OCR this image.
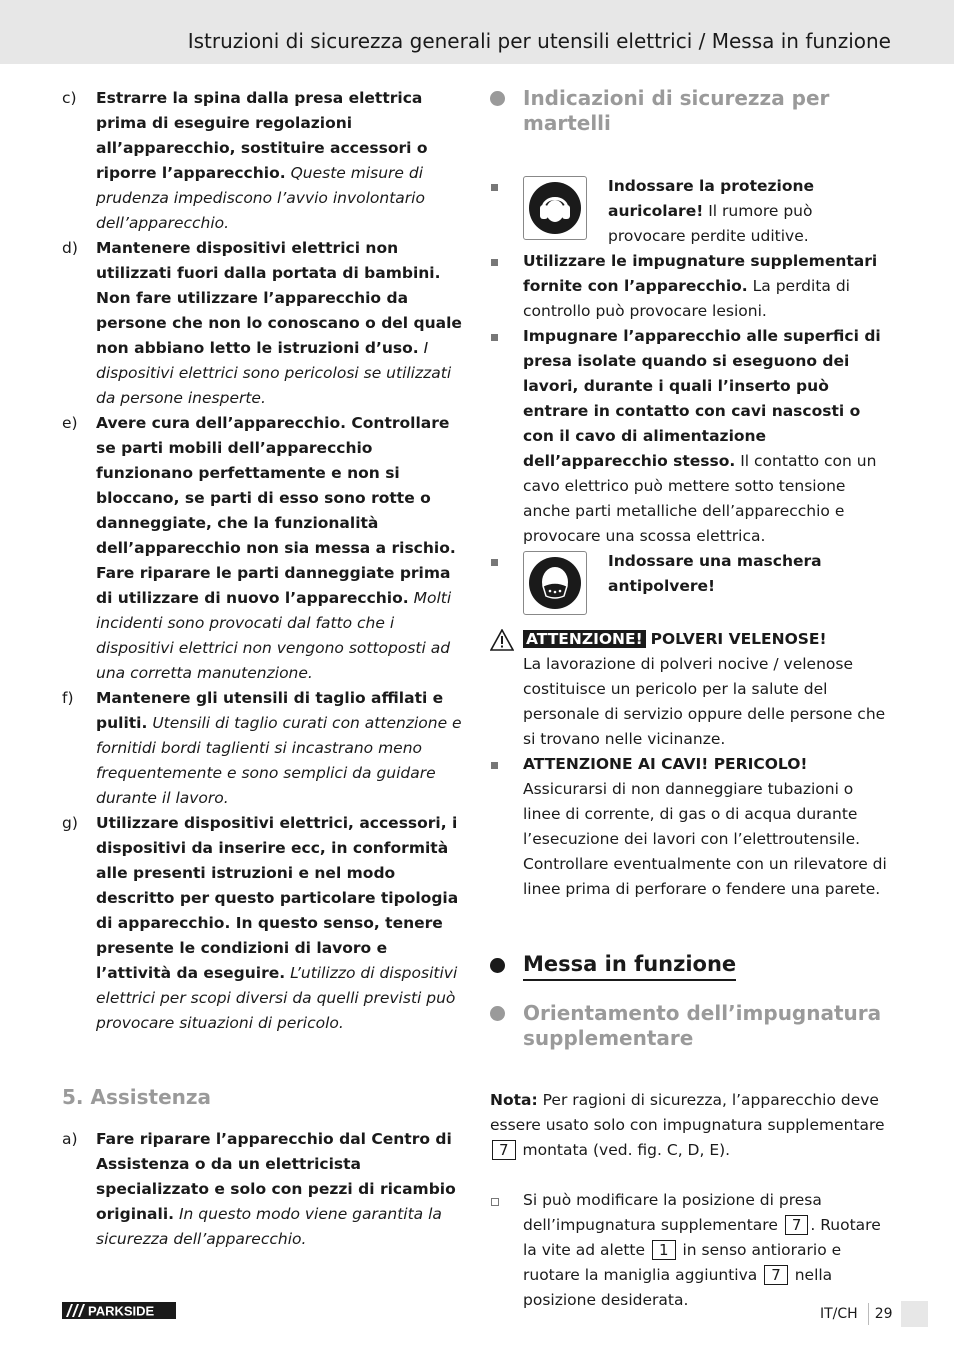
Istruzioni di sicurezza generali per utensili elettrici / Messa in funzione
c)	Estrarre la spina dalla presa elettrica prima di eseguire regolazioni all’apparecchio, sostituire accessori o riporre l’apparecchio. Queste misure di prudenza impediscono l’avvio involontario dell’apparecchio.
d)	Mantenere dispositivi elettrici non utilizzati fuori dalla portata di bambini. Non fare utilizzare l’apparecchio da persone che non lo conoscano o del quale non abbiano letto le istruzioni d’uso. I dispositivi elettrici sono pericolosi se utilizzati da persone inesperte.
e)	Avere cura dell’apparecchio. Controllare se parti mobili dell’apparecchio funzionano perfettamente e non si bloccano, se parti di esso sono rotte o danneggiate, che la funzionalità dell’apparecchio non sia messa a rischio. Fare riparare le parti danneggiate prima di utilizzare di nuovo l’apparecchio. Molti incidenti sono provocati dal fatto che i dispositivi elettrici non vengono sottoposti ad una corretta manutenzione.
f)	Mantenere gli utensili di taglio affilati e puliti. Utensili di taglio curati con attenzione e fornitidi bordi taglienti si incastrano meno frequentemente e sono semplici da guidare durante il lavoro.
g)	Utilizzare dispositivi elettrici, accessori, i dispositivi da inserire ecc, in conformità alle presenti istruzioni e nel modo descritto per questo particolare tipologia di apparecchio. In questo senso, tenere presente le condizioni di lavoro e l’attività da eseguire. L’utilizzo di dispositivi elettrici per scopi diversi da quelli previsti può provocare situazioni di pericolo.
5. Assistenza
a)	Fare riparare l’apparecchio dal Centro di Assistenza o da un elettricista specializzato e solo con pezzi di ricambio originali. In questo modo viene garantita la sicurezza dell’apparecchio.
Indicazioni di sicurezza per martelli
Indossare la protezione auricolare! Il rumore può provocare perdite uditive.
Utilizzare le impugnature supplementari fornite con l’apparecchio. La perdita di controllo può provocare lesioni.
Impugnare l’apparecchio alle superfici di presa isolate quando si eseguono dei lavori, durante i quali l’inserto può entrare in contatto con cavi nascosti o con il cavo di alimentazione dell’apparecchio stesso. Il contatto con un cavo elettrico può mettere sotto tensione anche parti metalliche dell’apparecchio e provocare una scossa elettrica.
Indossare una maschera antipolvere!
ATTENZIONE! POLVERI VELENOSE!
La lavorazione di polveri nocive / velenose costituisce un pericolo per la salute del personale di servizio oppure delle persone che si trovano nelle vicinanze.
ATTENZIONE AI CAVI! PERICOLO! Assicurarsi di non danneggiare tubazioni o linee di corrente, di gas o di acqua durante l’esecuzione dei lavori con l’elettroutensile. Controllare eventualmente con un rilevatore di linee prima di perforare o fendere una parete.
Messa in funzione
Orientamento dell’impugnatura supplementare
Nota: Per ragioni di sicurezza, l’apparecchio deve essere usato solo con impugnatura supplementare 7 montata (ved. fig. C, D, E).
Si può modificare la posizione di presa dell’impugnatura supplementare 7 . Ruotare la vite ad alette 1 in senso antiorario e ruotare la maniglia aggiuntiva 7 nella posizione desiderata.
PARKSIDE	IT/CH 29
